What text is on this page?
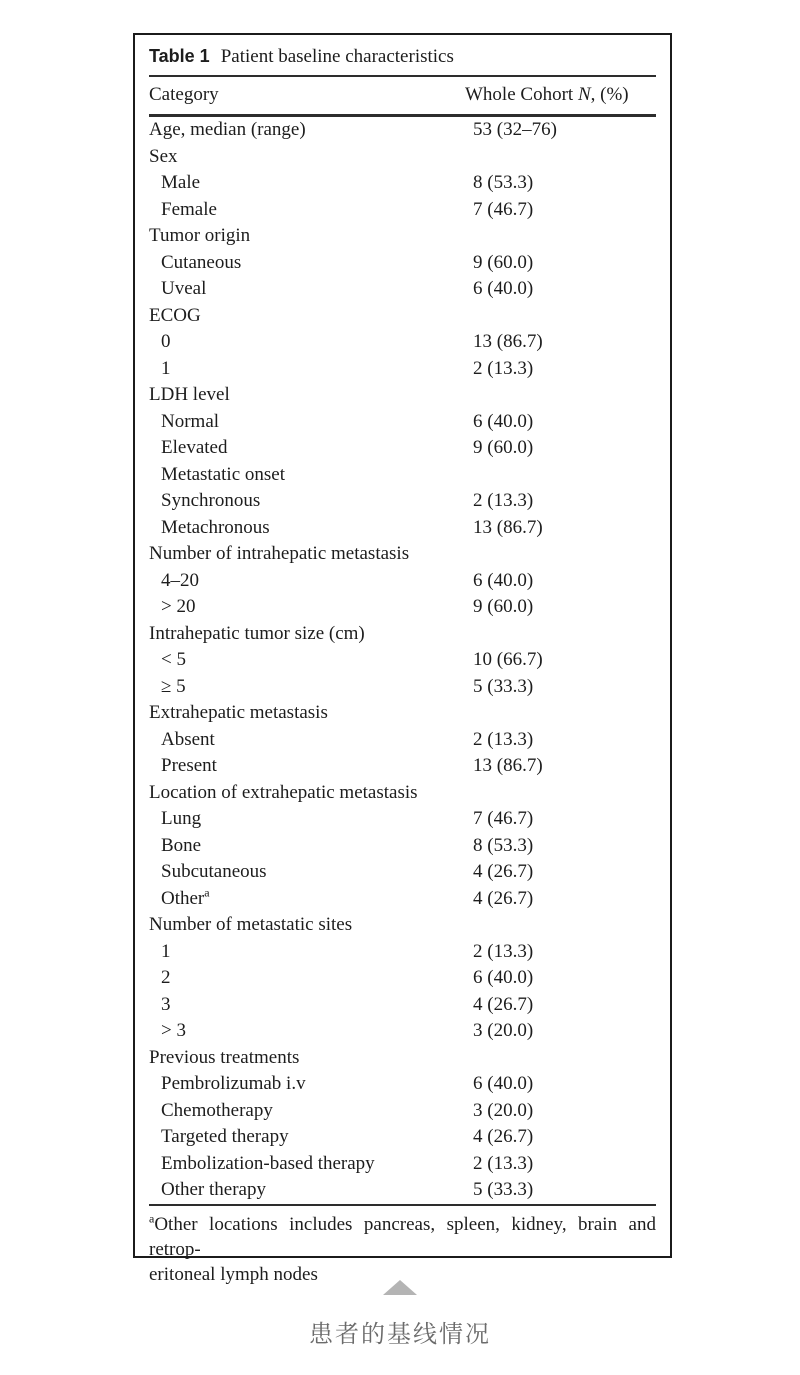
Table 1 Patient baseline characteristics
Category	Whole Cohort N, (%)
Age, median (range)	53 (32–76)
Sex
Male	8 (53.3)
Female	7 (46.7)
Tumor origin
Cutaneous	9 (60.0)
Uveal	6 (40.0)
ECOG
0	13 (86.7)
1	2 (13.3)
LDH level
Normal	6 (40.0)
Elevated	9 (60.0)
Metastatic onset
Synchronous	2 (13.3)
Metachronous	13 (86.7)
Number of intrahepatic metastasis
4–20	6 (40.0)
> 20	9 (60.0)
Intrahepatic tumor size (cm)
< 5	10 (66.7)
≥ 5	5 (33.3)
Extrahepatic metastasis
Absent	2 (13.3)
Present	13 (86.7)
Location of extrahepatic metastasis
Lung	7 (46.7)
Bone	8 (53.3)
Subcutaneous	4 (26.7)
Other$^a$	4 (26.7)
Number of metastatic sites
1	2 (13.3)
2	6 (40.0)
3	4 (26.7)
> 3	3 (20.0)
Previous treatments
Pembrolizumab i.v	6 (40.0)
Chemotherapy	3 (20.0)
Targeted therapy	4 (26.7)
Embolization-based therapy	2 (13.3)
Other therapy	5 (33.3)
$^a$Other locations includes pancreas, spleen, kidney, brain and retrop-
eritoneal lymph nodes
患者的基线情况
